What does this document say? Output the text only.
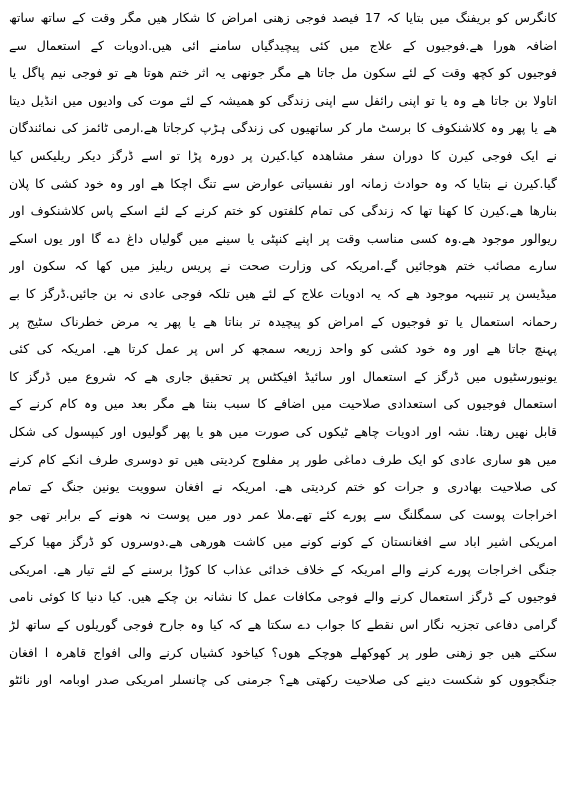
کانگرس کو بریفنگ میں بتایا کہ 17 فیصد فوجی زھنی امراض کا شکار ھیں مگر وقت کے ساتھ ساتھ
اضافہ ھورا ھے.فوجیوں کے علاج میں کئی پیچیدگیاں سامنے ائی ھیں.ادویات کے استعمال سے
فوجیوں کو کچھ وقت کے لئے سکون مل جاتا ھے مگر جونھی یہ اثر ختم ھوتا ھے تو فوجی نیم پاگل یا
اتاولا بن جاتا ھے وہ یا تو اپنی رائفل سے اپنی زندگی کو ھمیشہ کے لئے موت کی وادیوں میں انڈیل دیتا
ھے یا پھر وہ کلاشنکوف کا برسٹ مار کر ساتھیوں کی زندگی ہڑپ کرجاتا ھے.ارمی ٹائمز کی نمائندگان
نے ایک فوجی کیرن کا دوران سفر مشاھدہ کیا.کیرن پر دورہ پڑا تو اسے ڈرگز دیکر ریلیکس کیا
گیا.کیرن نے بتایا کہ وہ حوادث زمانہ اور نفسیاتی عوارض سے تنگ اچکا ھے اور وہ خود کشی کا پلان
بنارھا ھے.کیرن کا کھنا تھا کہ زندگی کی تمام کلفتوں کو ختم کرنے کے لئے اسکے پاس کلاشنکوف اور
ریوالور موجود ھے.وہ کسی مناسب وقت پر اپنے کنپٹی یا سینے میں گولیاں داغ دے گا اور یوں اسکے
سارے مصائب ختم ھوجائیں گے.امریکہ کی وزارت صحت نے پریس ریلیز میں کھا کہ سکون اور
میڈیسن پر تنبیہہ موجود ھے کہ یہ ادویات علاج کے لئے ھیں تلکہ فوجی عادی نہ بن جائیں.ڈرگز کا بے
رحمانہ استعمال یا تو فوجیوں کے امراض کو پیچیدہ تر بناتا ھے یا پھر یہ مرض خطرناک سٹیج پر
پہنچ جاتا ھے اور وہ خود کشی کو واحد زریعہ سمجھ کر اس پر عمل کرتا ھے. امریکہ کی کئی
یونیورسٹیوں میں ڈرگز کے استعمال اور سائیڈ افیکٹس پر تحقیق جاری ھے کہ شروع میں ڈرگز کا
استعمال فوجیوں کی استعدادی صلاحیت میں اضافے کا سبب بنتا ھے مگر بعد میں وہ کام کرنے کے
قابل نھیں رھتا. نشہ اور ادویات چاھے ٹیکوں کی صورت میں ھو یا پھر گولیوں اور کیپسول کی شکل
میں ھو ساری عادی کو ایک طرف دماغی طور پر مفلوج کردیتی ھیں تو دوسری طرف انکے کام کرنے
کی صلاحیت بھادری و جرات کو ختم کردیتی ھے. امریکہ نے افغان سوویت یونین جنگ کے تمام
اخراجات پوست کی سمگلنگ سے پورے کئے تھے.ملا عمر دور میں پوست نہ ھونے کے برابر تھی جو
امریکی اشیر اباد سے افغانستان کے کونے کونے میں کاشت ھورھی ھے.دوسروں کو ڈرگز مھیا کرکے
جنگی اخراجات پورے کرنے والے امریکہ کے خلاف خدائی عذاب کا کوڑا برسنے کے لئے تیار ھے. امریکی
فوجیوں کے ڈرگز استعمال کرنے والے فوجی مکافات عمل کا نشانہ بن چکے ھیں. کیا دنیا کا کوئی نامی
گرامی دفاعی تجزیہ نگار اس نقطے کا جواب دے سکتا ھے کہ کیا وہ جارح فوجی گوریلوں کے ساتھ لڑ
سکتے ھیں جو زھنی طور پر کھوکھلے ھوچکے ھوں؟ کیاخود کشیاں کرنے والی افواج قاھرہ ا افغان
جنگجووں کو شکست دینے کی صلاحیت رکھتی ھے؟ جرمنی کی چانسلر امریکی صدر اوبامہ اور نائٹو
